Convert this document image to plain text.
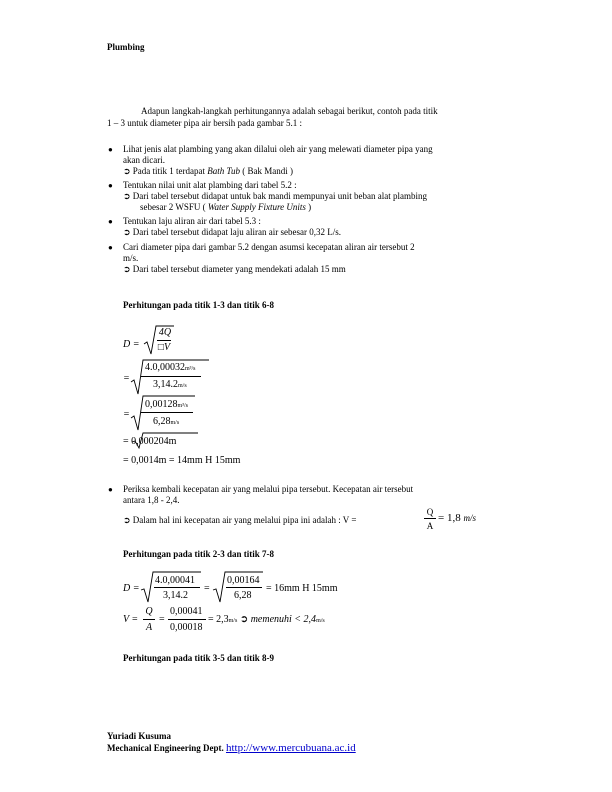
Plumbing
Adapun langkah-langkah perhitungannya adalah sebagai berikut, contoh pada titik
1 – 3 untuk diameter pipa air bersih pada gambar 5.1 :
● Lihat jenis alat plambing yang akan dilalui oleh air yang melewati diameter pipa yang
akan dicari.
➲ Pada titik 1 terdapat Bath Tub ( Bak Mandi )
● Tentukan nilai unit alat plambing dari tabel 5.2 :
➲ Dari tabel tersebut didapat untuk bak mandi mempunyai unit beban alat plambing
sebesar 2 WSFU ( Water Supply Fixture Units )
● Tentukan laju aliran air dari tabel 5.3 :
➲ Dari tabel tersebut didapat laju aliran air sebesar 0,32 L/s.
● Cari diameter pipa dari gambar 5.2 dengan asumsi kecepatan aliran air tersebut 2
m/s.
➲ Dari tabel tersebut diameter yang mendekati adalah 15 mm
Perhitungan pada titik 1-3 dan titik 6-8
D =
4Q
□V
=
4.0,00032m³/s
3,14.2m/s
=
0,00128m³/s
6,28m/s
= 0,000204m
= 0,0014m = 14mm H 15mm
● Periksa kembali kecepatan air yang melalui pipa tersebut. Kecepatan air tersebut
antara 1,8 - 2,4.
➲ Dalam hal ini kecepatan air yang melalui pipa ini adalah : V =
Q
A
= 1,8 m/s
Perhitungan pada titik 2-3 dan titik 7-8
D =
4.0,00041
3,14.2
=
0,00164
6,28
= 16mm H 15mm
V =
Q
A
=
0,00041
0,00018
= 2,3m/s ➲ memenuhi < 2,4m/s
Perhitungan pada titik 3-5 dan titik 8-9
Yuriadi Kusuma
Mechanical Engineering Dept. http://www.mercubuana.ac.id
